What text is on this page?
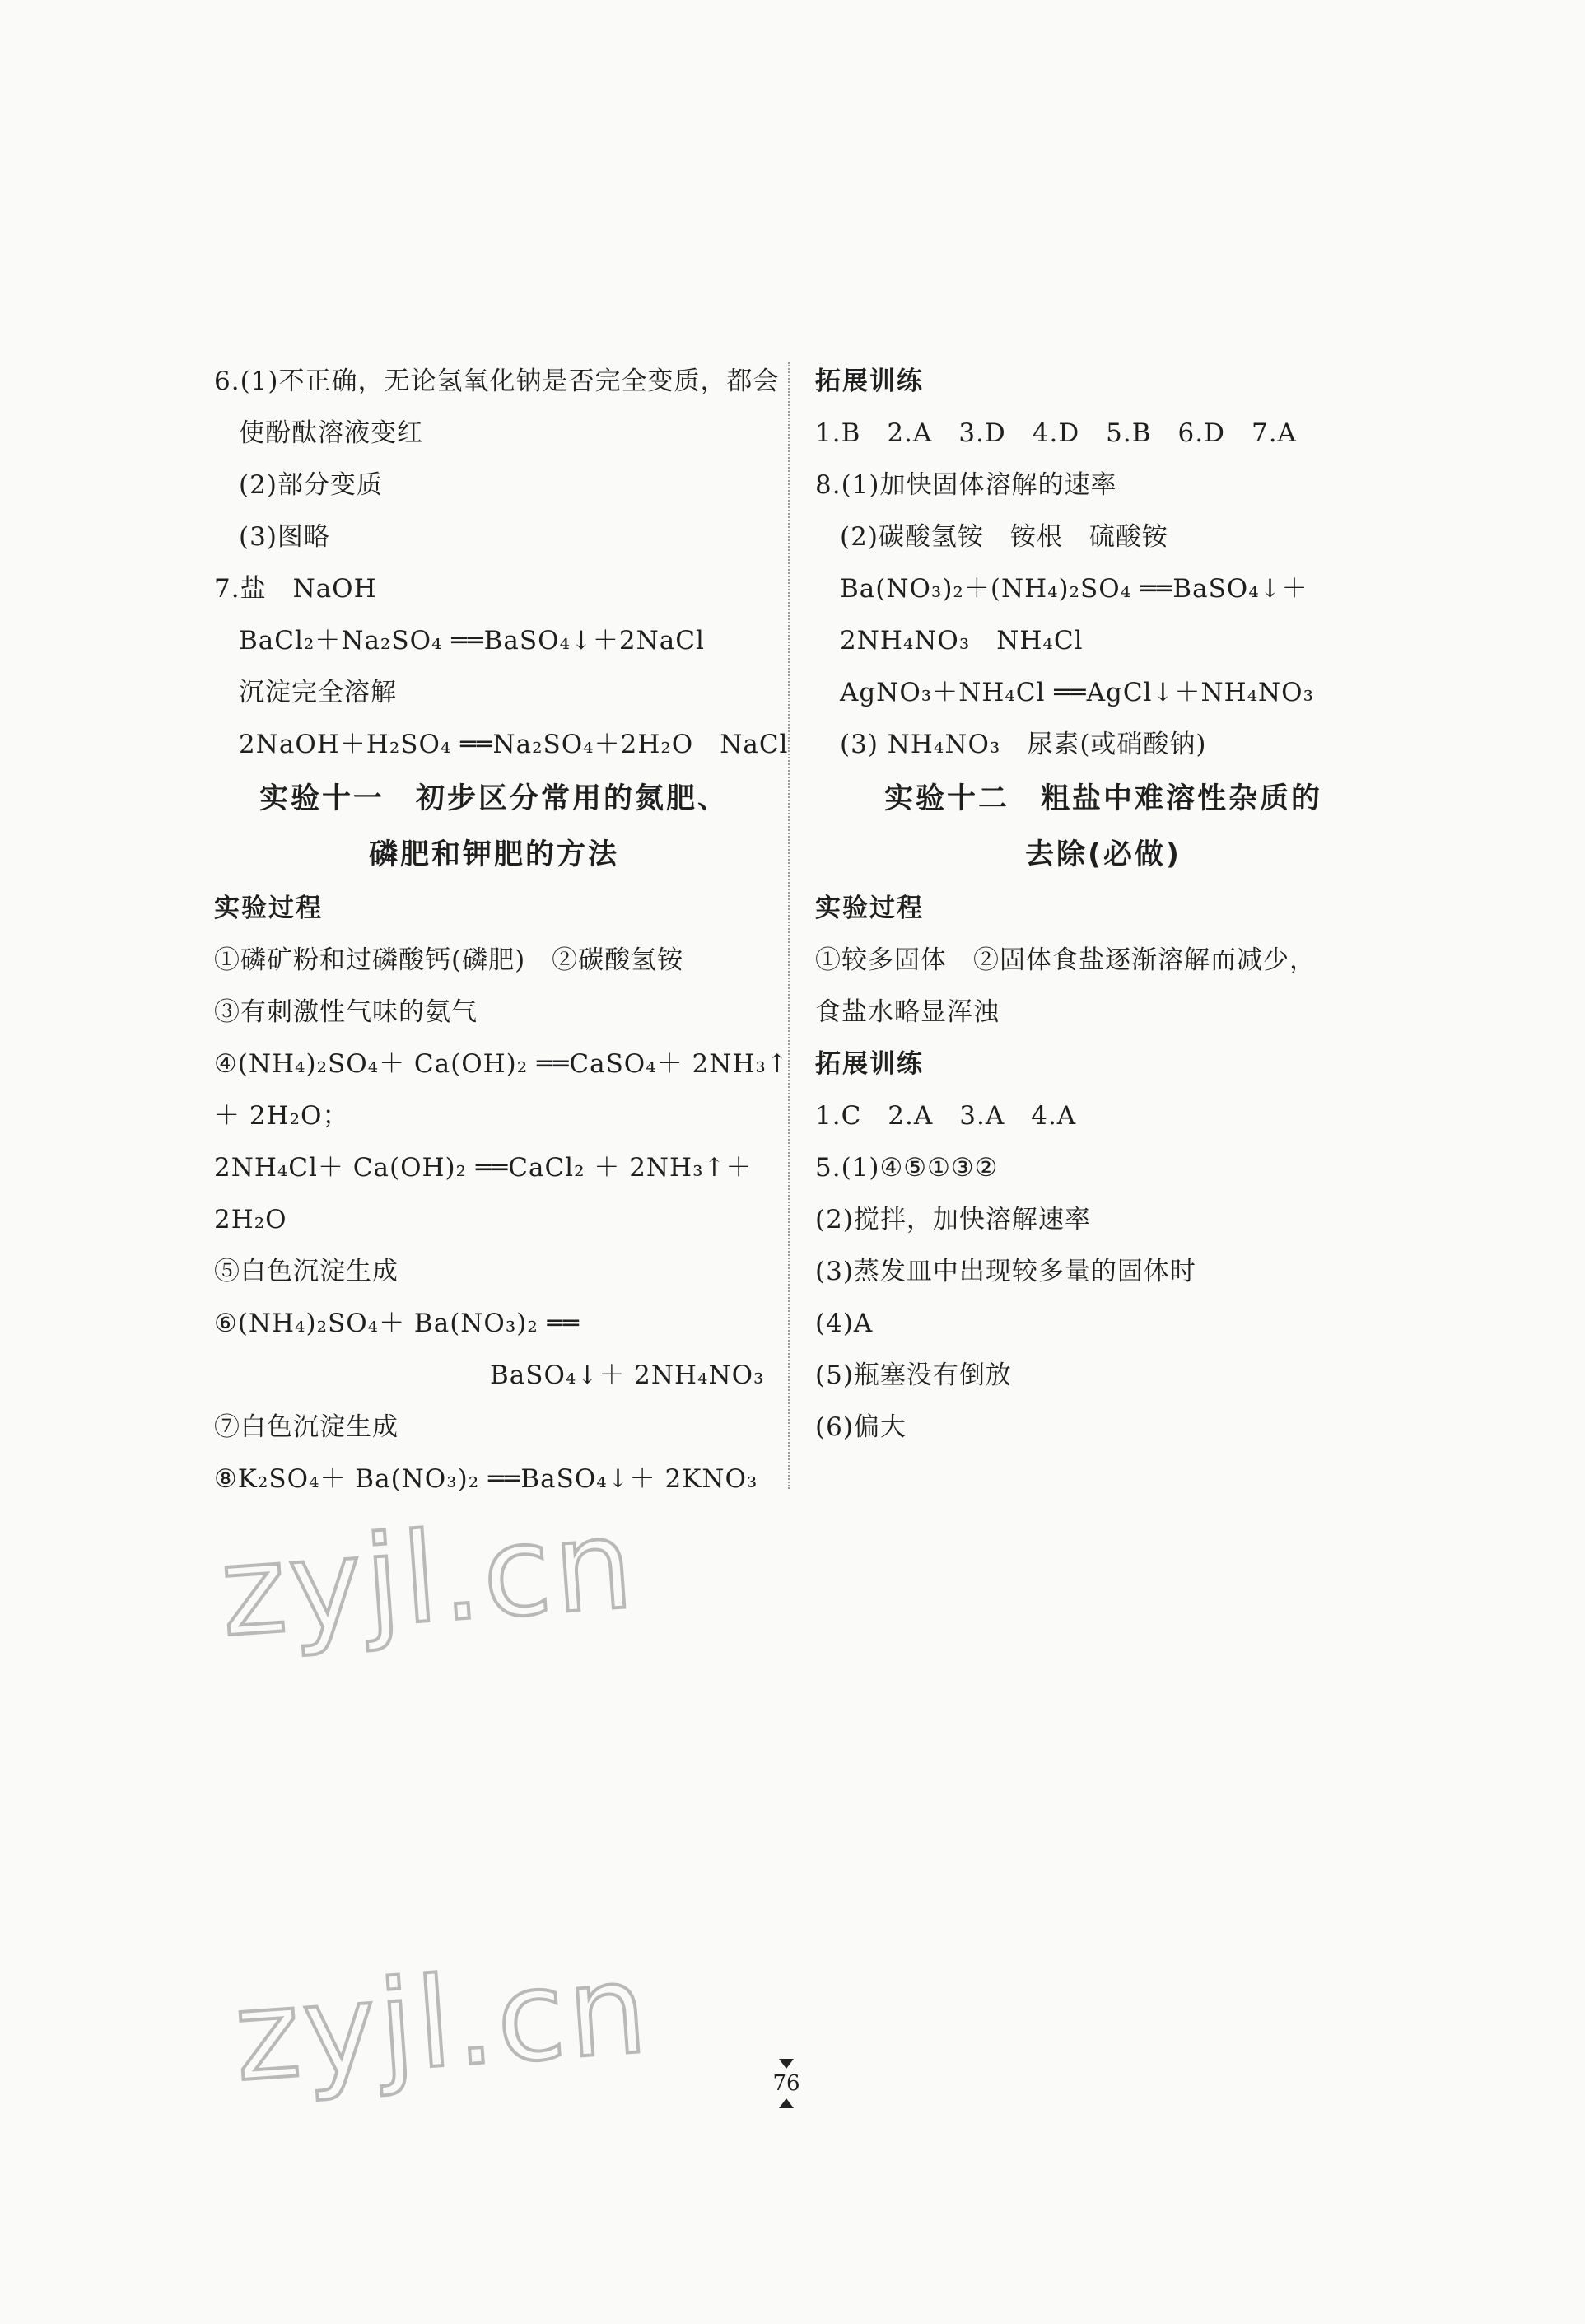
6.(1)不正确，无论氢氧化钠是否完全变质，都会
使酚酞溶液变红
(2)部分变质
(3)图略
7.盐　NaOH
BaCl₂＋Na₂SO₄ ══BaSO₄↓＋2NaCl
沉淀完全溶解
2NaOH＋H₂SO₄ ══Na₂SO₄＋2H₂O　NaCl
实验十一　初步区分常用的氮肥、
磷肥和钾肥的方法
实验过程
①磷矿粉和过磷酸钙(磷肥)　②碳酸氢铵
③有刺激性气味的氨气
④(NH₄)₂SO₄＋ Ca(OH)₂ ══CaSO₄＋ 2NH₃↑
＋ 2H₂O；
2NH₄Cl＋ Ca(OH)₂ ══CaCl₂ ＋ 2NH₃↑＋
2H₂O
⑤白色沉淀生成
⑥(NH₄)₂SO₄＋ Ba(NO₃)₂ ══
BaSO₄↓＋ 2NH₄NO₃
⑦白色沉淀生成
⑧K₂SO₄＋ Ba(NO₃)₂ ══BaSO₄↓＋ 2KNO₃
拓展训练
1.B　2.A　3.D　4.D　5.B　6.D　7.A
8.(1)加快固体溶解的速率
(2)碳酸氢铵　铵根　硫酸铵
Ba(NO₃)₂＋(NH₄)₂SO₄ ══BaSO₄↓＋
2NH₄NO₃　NH₄Cl
AgNO₃＋NH₄Cl ══AgCl↓＋NH₄NO₃
(3) NH₄NO₃　尿素(或硝酸钠)
实验十二　粗盐中难溶性杂质的
去除(必做)
实验过程
①较多固体　②固体食盐逐渐溶解而减少，
食盐水略显浑浊
拓展训练
1.C　2.A　3.A　4.A
5.(1)④⑤①③②
(2)搅拌，加快溶解速率
(3)蒸发皿中出现较多量的固体时
(4)A
(5)瓶塞没有倒放
(6)偏大
zyjl.cn
zyjl.cn	76
